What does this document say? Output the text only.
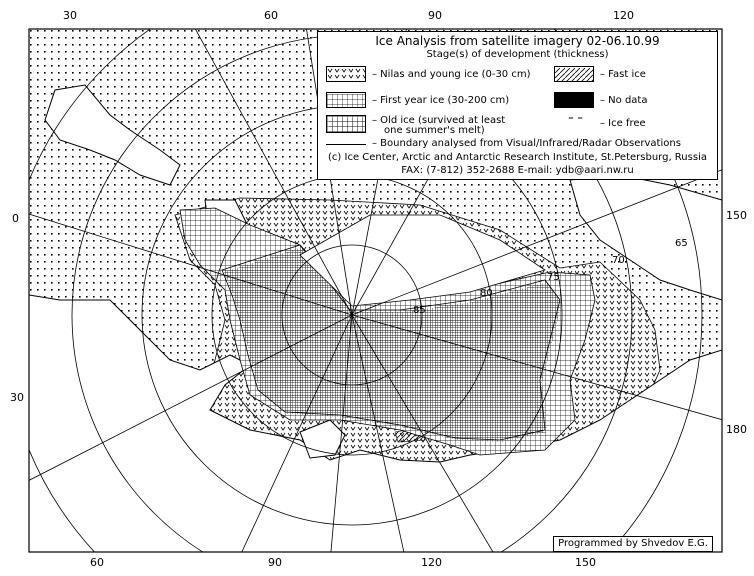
30	60	90	120
60	90	120	150
0
30
150
180
85
80
75
70
65
Ice Analysis from satellite imagery 02-06.10.99
Stage(s) of development (thickness)
– Nilas and young ice (0-30 cm)	– Fast ice
– First year ice (30-200 cm)	– No data
– Old ice (survived at least
one summer's melt)
⁼ ⁼ – Ice free
– Boundary analysed from Visual/Infrared/Radar Observations
(c) Ice Center, Arctic and Antarctic Research Institute, St.Petersburg, Russia
FAX: (7-812) 352-2688 E-mail: ydb@aari.nw.ru
Programmed by Shvedov E.G.
